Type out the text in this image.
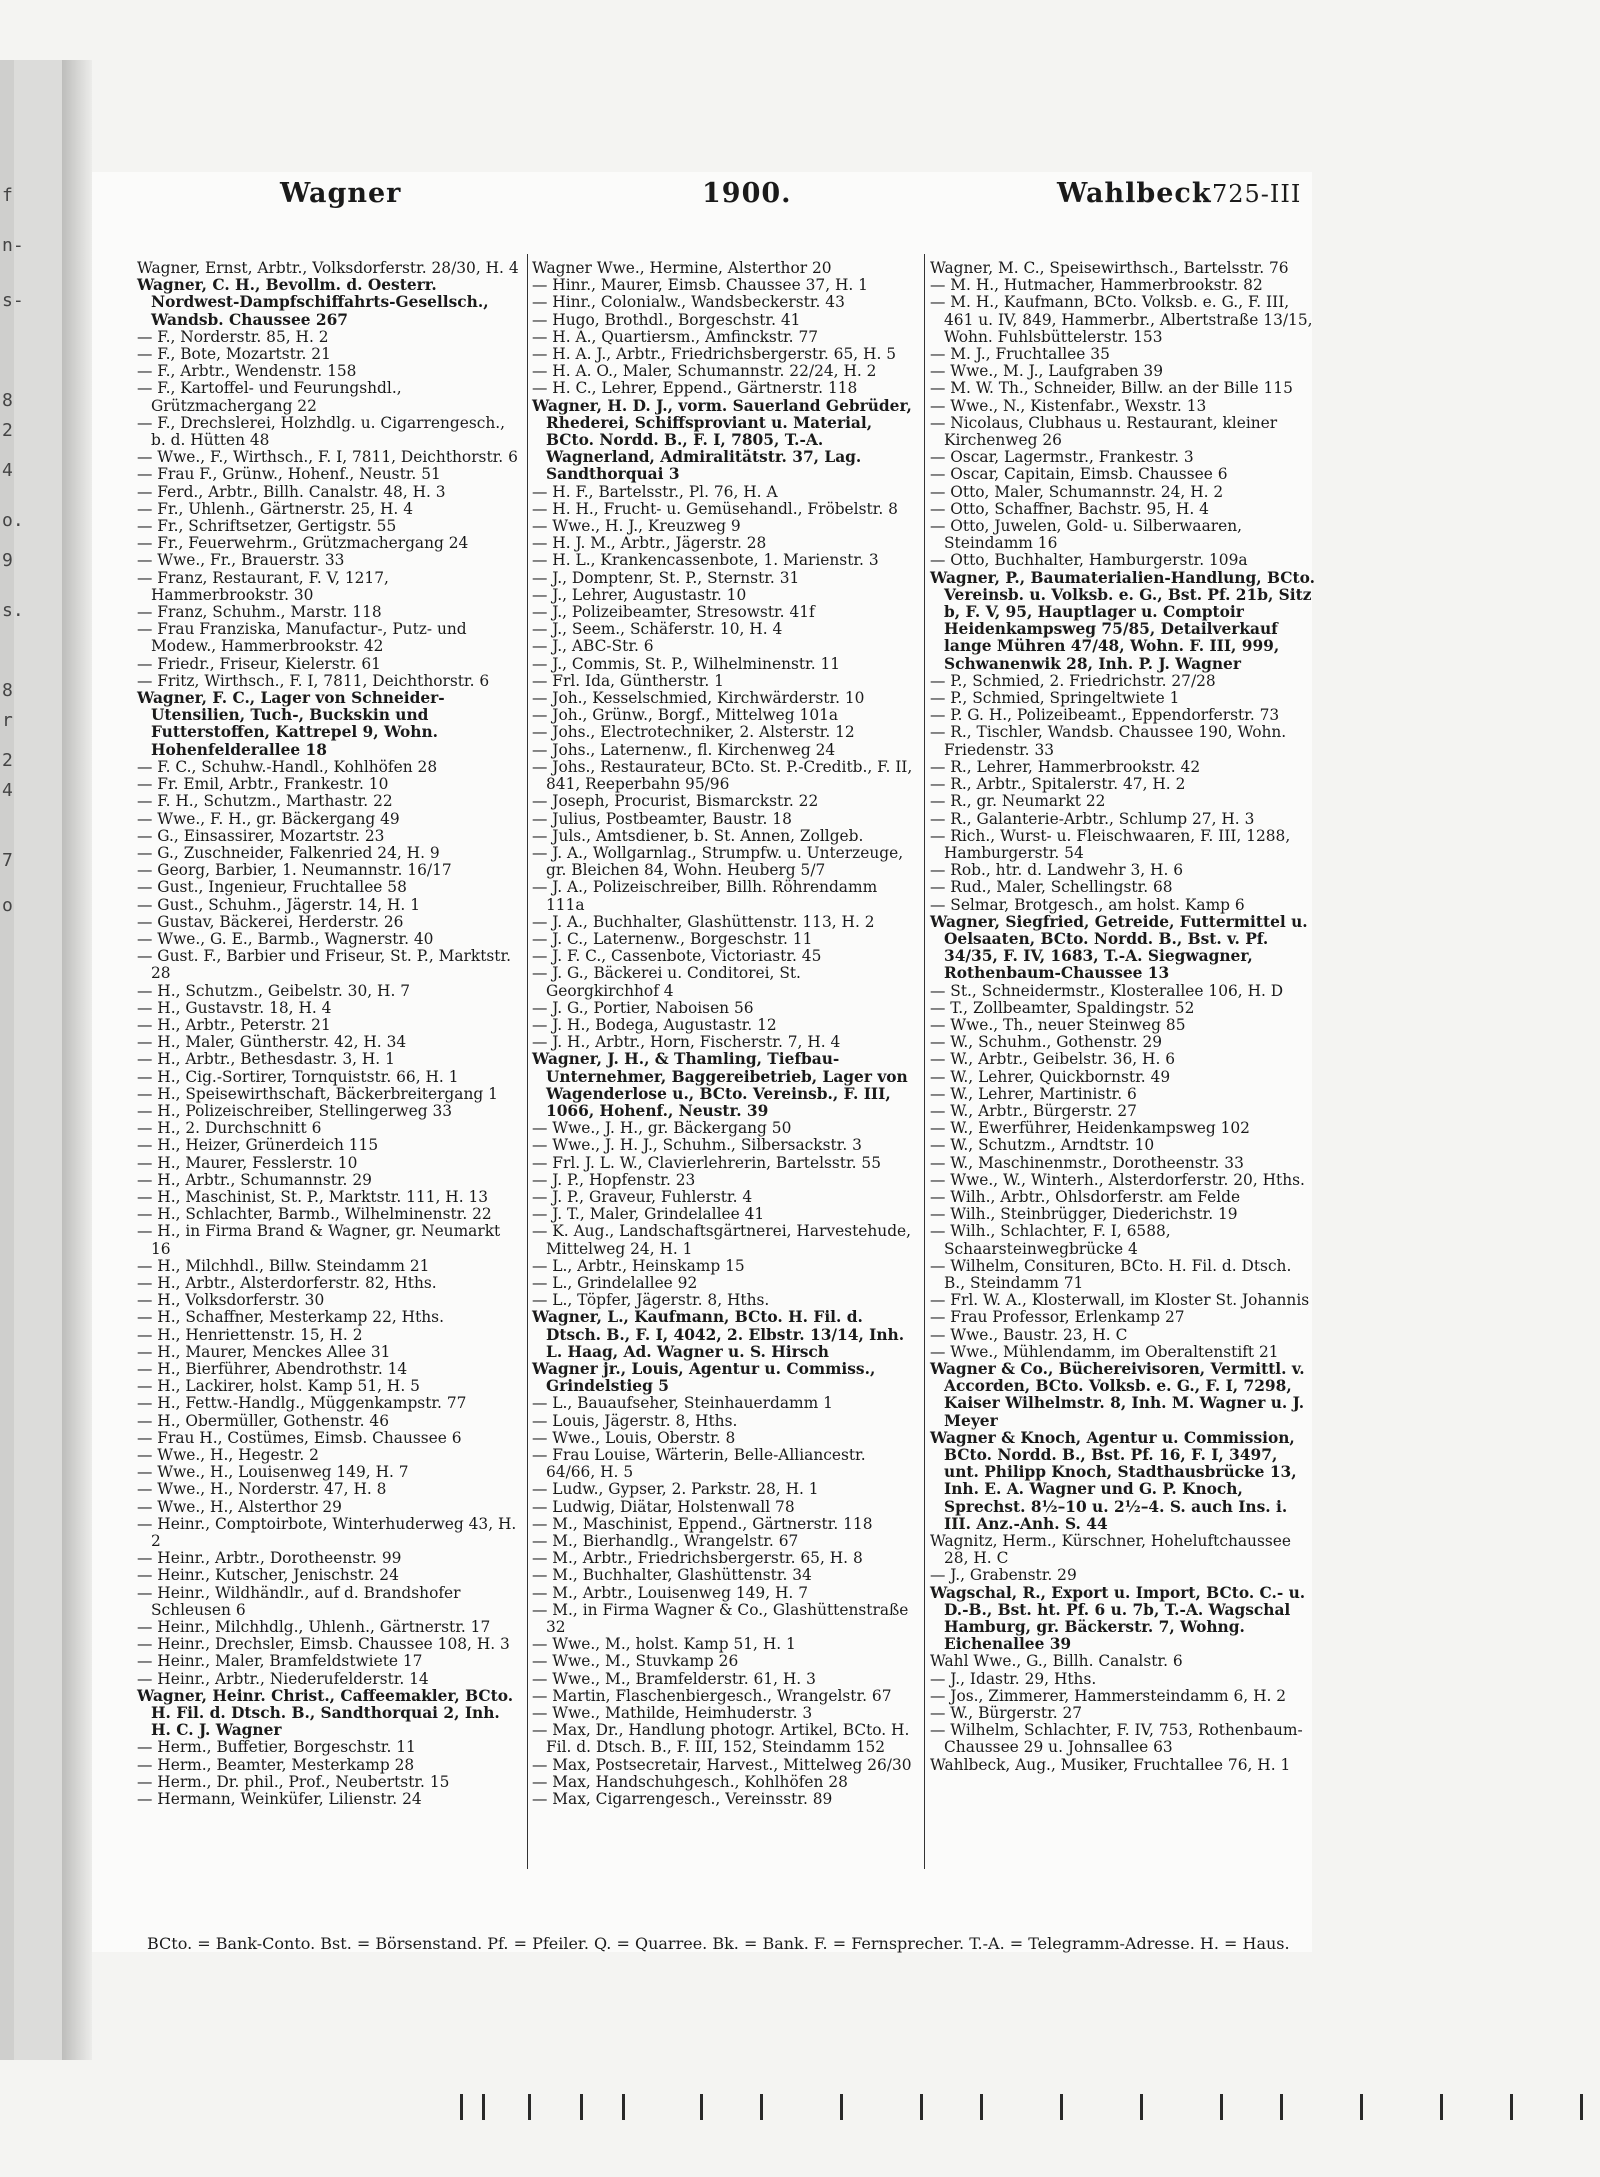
f
n-
s-
8
2
4
o.
9
s.
8
r
2
4
7
o
Wagner	1900.	Wahlbeck 725-III

Wagner, Ernst, Arbtr., Volksdorferstr. 28/30, H. 4

Wagner, C. H., Bevollm. d. Oesterr. Nordwest-Dampfschiffahrts-Gesellsch., Wandsb. Chaussee 267

— F., Norderstr. 85, H. 2

— F., Bote, Mozartstr. 21

— F., Arbtr., Wendenstr. 158

— F., Kartoffel- und Feurungshdl., Grützmachergang 22

— F., Drechslerei, Holzhdlg. u. Cigarrengesch., b. d. Hütten 48

— Wwe., F., Wirthsch., F. I, 7811, Deichthorstr. 6

— Frau F., Grünw., Hohenf., Neustr. 51

— Ferd., Arbtr., Billh. Canalstr. 48, H. 3

— Fr., Uhlenh., Gärtnerstr. 25, H. 4

— Fr., Schriftsetzer, Gertigstr. 55

— Fr., Feuerwehrm., Grützmachergang 24

— Wwe., Fr., Brauerstr. 33

— Franz, Restaurant, F. V, 1217, Hammerbrookstr. 30

— Franz, Schuhm., Marstr. 118

— Frau Franziska, Manufactur-, Putz- und Modew., Hammerbrookstr. 42

— Friedr., Friseur, Kielerstr. 61

— Fritz, Wirthsch., F. I, 7811, Deichthorstr. 6

Wagner, F. C., Lager von Schneider-Utensilien, Tuch-, Buckskin und Futterstoffen, Kattrepel 9, Wohn. Hohenfelderallee 18

— F. C., Schuhw.-Handl., Kohlhöfen 28

— Fr. Emil, Arbtr., Frankestr. 10

— F. H., Schutzm., Marthastr. 22

— Wwe., F. H., gr. Bäckergang 49

— G., Einsassirer, Mozartstr. 23

— G., Zuschneider, Falkenried 24, H. 9

— Georg, Barbier, 1. Neumannstr. 16/17

— Gust., Ingenieur, Fruchtallee 58

— Gust., Schuhm., Jägerstr. 14, H. 1

— Gustav, Bäckerei, Herderstr. 26

— Wwe., G. E., Barmb., Wagnerstr. 40

— Gust. F., Barbier und Friseur, St. P., Marktstr. 28

— H., Schutzm., Geibelstr. 30, H. 7

— H., Gustavstr. 18, H. 4

— H., Arbtr., Peterstr. 21

— H., Maler, Güntherstr. 42, H. 34

— H., Arbtr., Bethesdastr. 3, H. 1

— H., Cig.-Sortirer, Tornquiststr. 66, H. 1

— H., Speisewirthschaft, Bäckerbreitergang 1

— H., Polizeischreiber, Stellingerweg 33

— H., 2. Durchschnitt 6

— H., Heizer, Grünerdeich 115

— H., Maurer, Fesslerstr. 10

— H., Arbtr., Schumannstr. 29

— H., Maschinist, St. P., Marktstr. 111, H. 13

— H., Schlachter, Barmb., Wilhelminenstr. 22

— H., in Firma Brand & Wagner, gr. Neumarkt 16

— H., Milchhdl., Billw. Steindamm 21

— H., Arbtr., Alsterdorferstr. 82, Hths.

— H., Volksdorferstr. 30

— H., Schaffner, Mesterkamp 22, Hths.

— H., Henriettenstr. 15, H. 2

— H., Maurer, Menckes Allee 31

— H., Bierführer, Abendrothstr. 14

— H., Lackirer, holst. Kamp 51, H. 5

— H., Fettw.-Handlg., Müggenkampstr. 77

— H., Obermüller, Gothenstr. 46

— Frau H., Costümes, Eimsb. Chaussee 6

— Wwe., H., Hegestr. 2

— Wwe., H., Louisenweg 149, H. 7

— Wwe., H., Norderstr. 47, H. 8

— Wwe., H., Alsterthor 29

— Heinr., Comptoirbote, Winterhuderweg 43, H. 2

— Heinr., Arbtr., Dorotheenstr. 99

— Heinr., Kutscher, Jenischstr. 24

— Heinr., Wildhändlr., auf d. Brandshofer Schleusen 6

— Heinr., Milchhdlg., Uhlenh., Gärtnerstr. 17

— Heinr., Drechsler, Eimsb. Chaussee 108, H. 3

— Heinr., Maler, Bramfeldstwiete 17

— Heinr., Arbtr., Niederufelderstr. 14

Wagner, Heinr. Christ., Caffeemakler, BCto. H. Fil. d. Dtsch. B., Sandthorquai 2, Inh. H. C. J. Wagner

— Herm., Buffetier, Borgeschstr. 11

— Herm., Beamter, Mesterkamp 28

— Herm., Dr. phil., Prof., Neubertstr. 15

— Hermann, Weinküfer, Lilienstr. 24

Wagner Wwe., Hermine, Alsterthor 20

— Hinr., Maurer, Eimsb. Chaussee 37, H. 1

— Hinr., Colonialw., Wandsbeckerstr. 43

— Hugo, Brothdl., Borgeschstr. 41

— H. A., Quartiersm., Amfinckstr. 77

— H. A. J., Arbtr., Friedrichsbergerstr. 65, H. 5

— H. A. O., Maler, Schumannstr. 22/24, H. 2

— H. C., Lehrer, Eppend., Gärtnerstr. 118

Wagner, H. D. J., vorm. Sauerland Gebrüder, Rhederei, Schiffsproviant u. Material, BCto. Nordd. B., F. I, 7805, T.-A. Wagnerland, Admiralitätstr. 37, Lag. Sandthorquai 3

— H. F., Bartelsstr., Pl. 76, H. A

— H. H., Frucht- u. Gemüsehandl., Fröbelstr. 8

— Wwe., H. J., Kreuzweg 9

— H. J. M., Arbtr., Jägerstr. 28

— H. L., Krankencassenbote, 1. Marienstr. 3

— J., Domptenr, St. P., Sternstr. 31

— J., Lehrer, Augustastr. 10

— J., Polizeibeamter, Stresowstr. 41f

— J., Seem., Schäferstr. 10, H. 4

— J., ABC-Str. 6

— J., Commis, St. P., Wilhelminenstr. 11

— Frl. Ida, Güntherstr. 1

— Joh., Kesselschmied, Kirchwärderstr. 10

— Joh., Grünw., Borgf., Mittelweg 101a

— Johs., Electrotechniker, 2. Alsterstr. 12

— Johs., Laternenw., fl. Kirchenweg 24

— Johs., Restaurateur, BCto. St. P.-Creditb., F. II, 841, Reeperbahn 95/96

— Joseph, Procurist, Bismarckstr. 22

— Julius, Postbeamter, Baustr. 18

— Juls., Amtsdiener, b. St. Annen, Zollgeb.

— J. A., Wollgarnlag., Strumpfw. u. Unterzeuge, gr. Bleichen 84, Wohn. Heuberg 5/7

— J. A., Polizeischreiber, Billh. Röhrendamm 111a

— J. A., Buchhalter, Glashüttenstr. 113, H. 2

— J. C., Laternenw., Borgeschstr. 11

— J. F. C., Cassenbote, Victoriastr. 45

— J. G., Bäckerei u. Conditorei, St. Georgkirchhof 4

— J. G., Portier, Naboisen 56

— J. H., Bodega, Augustastr. 12

— J. H., Arbtr., Horn, Fischerstr. 7, H. 4

Wagner, J. H., & Thamling, Tiefbau-Unternehmer, Baggereibetrieb, Lager von Wagenderlose u., BCto. Vereinsb., F. III, 1066, Hohenf., Neustr. 39

— Wwe., J. H., gr. Bäckergang 50

— Wwe., J. H. J., Schuhm., Silbersackstr. 3

— Frl. J. L. W., Clavierlehrerin, Bartelsstr. 55

— J. P., Hopfenstr. 23

— J. P., Graveur, Fuhlerstr. 4

— J. T., Maler, Grindelallee 41

— K. Aug., Landschaftsgärtnerei, Harvestehude, Mittelweg 24, H. 1

— L., Arbtr., Heinskamp 15

— L., Grindelallee 92

— L., Töpfer, Jägerstr. 8, Hths.

Wagner, L., Kaufmann, BCto. H. Fil. d. Dtsch. B., F. I, 4042, 2. Elbstr. 13/14, Inh. L. Haag, Ad. Wagner u. S. Hirsch

Wagner jr., Louis, Agentur u. Commiss., Grindelstieg 5

— L., Bauaufseher, Steinhauerdamm 1

— Louis, Jägerstr. 8, Hths.

— Wwe., Louis, Oberstr. 8

— Frau Louise, Wärterin, Belle-Alliancestr. 64/66, H. 5

— Ludw., Gypser, 2. Parkstr. 28, H. 1

— Ludwig, Diätar, Holstenwall 78

— M., Maschinist, Eppend., Gärtnerstr. 118

— M., Bierhandlg., Wrangelstr. 67

— M., Arbtr., Friedrichsbergerstr. 65, H. 8

— M., Buchhalter, Glashüttenstr. 34

— M., Arbtr., Louisenweg 149, H. 7

— M., in Firma Wagner & Co., Glashüttenstraße 32

— Wwe., M., holst. Kamp 51, H. 1

— Wwe., M., Stuvkamp 26

— Wwe., M., Bramfelderstr. 61, H. 3

— Martin, Flaschenbiergesch., Wrangelstr. 67

— Wwe., Mathilde, Heimhuderstr. 3

— Max, Dr., Handlung photogr. Artikel, BCto. H. Fil. d. Dtsch. B., F. III, 152, Steindamm 152

— Max, Postsecretair, Harvest., Mittelweg 26/30

— Max, Handschuhgesch., Kohlhöfen 28

— Max, Cigarrengesch., Vereinsstr. 89

Wagner, M. C., Speisewirthsch., Bartelsstr. 76

— M. H., Hutmacher, Hammerbrookstr. 82

— M. H., Kaufmann, BCto. Volksb. e. G., F. III, 461 u. IV, 849, Hammerbr., Albertstraße 13/15, Wohn. Fuhlsbüttelerstr. 153

— M. J., Fruchtallee 35

— Wwe., M. J., Laufgraben 39

— M. W. Th., Schneider, Billw. an der Bille 115

— Wwe., N., Kistenfabr., Wexstr. 13

— Nicolaus, Clubhaus u. Restaurant, kleiner Kirchenweg 26

— Oscar, Lagermstr., Frankestr. 3

— Oscar, Capitain, Eimsb. Chaussee 6

— Otto, Maler, Schumannstr. 24, H. 2

— Otto, Schaffner, Bachstr. 95, H. 4

— Otto, Juwelen, Gold- u. Silberwaaren, Steindamm 16

— Otto, Buchhalter, Hamburgerstr. 109a

Wagner, P., Baumaterialien-Handlung, BCto. Vereinsb. u. Volksb. e. G., Bst. Pf. 21b, Sitz b, F. V, 95, Hauptlager u. Comptoir Heidenkampsweg 75/85, Detailverkauf lange Mühren 47/48, Wohn. F. III, 999, Schwanenwik 28, Inh. P. J. Wagner

— P., Schmied, 2. Friedrichstr. 27/28

— P., Schmied, Springeltwiete 1

— P. G. H., Polizeibeamt., Eppendorferstr. 73

— R., Tischler, Wandsb. Chaussee 190, Wohn. Friedenstr. 33

— R., Lehrer, Hammerbrookstr. 42

— R., Arbtr., Spitalerstr. 47, H. 2

— R., gr. Neumarkt 22

— R., Galanterie-Arbtr., Schlump 27, H. 3

— Rich., Wurst- u. Fleischwaaren, F. III, 1288, Hamburgerstr. 54

— Rob., htr. d. Landwehr 3, H. 6

— Rud., Maler, Schellingstr. 68

— Selmar, Brotgesch., am holst. Kamp 6

Wagner, Siegfried, Getreide, Futtermittel u. Oelsaaten, BCto. Nordd. B., Bst. v. Pf. 34/35, F. IV, 1683, T.-A. Siegwagner, Rothenbaum-Chaussee 13

— St., Schneidermstr., Klosterallee 106, H. D

— T., Zollbeamter, Spaldingstr. 52

— Wwe., Th., neuer Steinweg 85

— W., Schuhm., Gothenstr. 29

— W., Arbtr., Geibelstr. 36, H. 6

— W., Lehrer, Quickbornstr. 49

— W., Lehrer, Martinistr. 6

— W., Arbtr., Bürgerstr. 27

— W., Ewerführer, Heidenkampsweg 102

— W., Schutzm., Arndtstr. 10

— W., Maschinenmstr., Dorotheenstr. 33

— Wwe., W., Winterh., Alsterdorferstr. 20, Hths.

— Wilh., Arbtr., Ohlsdorferstr. am Felde

— Wilh., Steinbrügger, Diederichstr. 19

— Wilh., Schlachter, F. I, 6588, Schaarsteinwegbrücke 4

— Wilhelm, Consituren, BCto. H. Fil. d. Dtsch. B., Steindamm 71

— Frl. W. A., Klosterwall, im Kloster St. Johannis

— Frau Professor, Erlenkamp 27

— Wwe., Baustr. 23, H. C

— Wwe., Mühlendamm, im Oberaltenstift 21

Wagner & Co., Büchereivisoren, Vermittl. v. Accorden, BCto. Volksb. e. G., F. I, 7298, Kaiser Wilhelmstr. 8, Inh. M. Wagner u. J. Meyer

Wagner & Knoch, Agentur u. Commission, BCto. Nordd. B., Bst. Pf. 16, F. I, 3497, unt. Philipp Knoch, Stadthausbrücke 13, Inh. E. A. Wagner und G. P. Knoch, Sprechst. 8½–10 u. 2½–4. S. auch Ins. i. III. Anz.-Anh. S. 44

Wagnitz, Herm., Kürschner, Hoheluftchaussee 28, H. C

— J., Grabenstr. 29

Wagschal, R., Export u. Import, BCto. C.- u. D.-B., Bst. ht. Pf. 6 u. 7b, T.-A. Wagschal Hamburg, gr. Bäckerstr. 7, Wohng. Eichenallee 39

Wahl Wwe., G., Billh. Canalstr. 6

— J., Idastr. 29, Hths.

— Jos., Zimmerer, Hammersteindamm 6, H. 2

— W., Bürgerstr. 27

— Wilhelm, Schlachter, F. IV, 753, Rothenbaum-Chaussee 29 u. Johnsallee 63

Wahlbeck, Aug., Musiker, Fruchtallee 76, H. 1

BCto. = Bank-Conto. Bst. = Börsenstand. Pf. = Pfeiler. Q. = Quarree. Bk. = Bank. F. = Fernsprecher. T.-A. = Telegramm-Adresse. H. = Haus.
